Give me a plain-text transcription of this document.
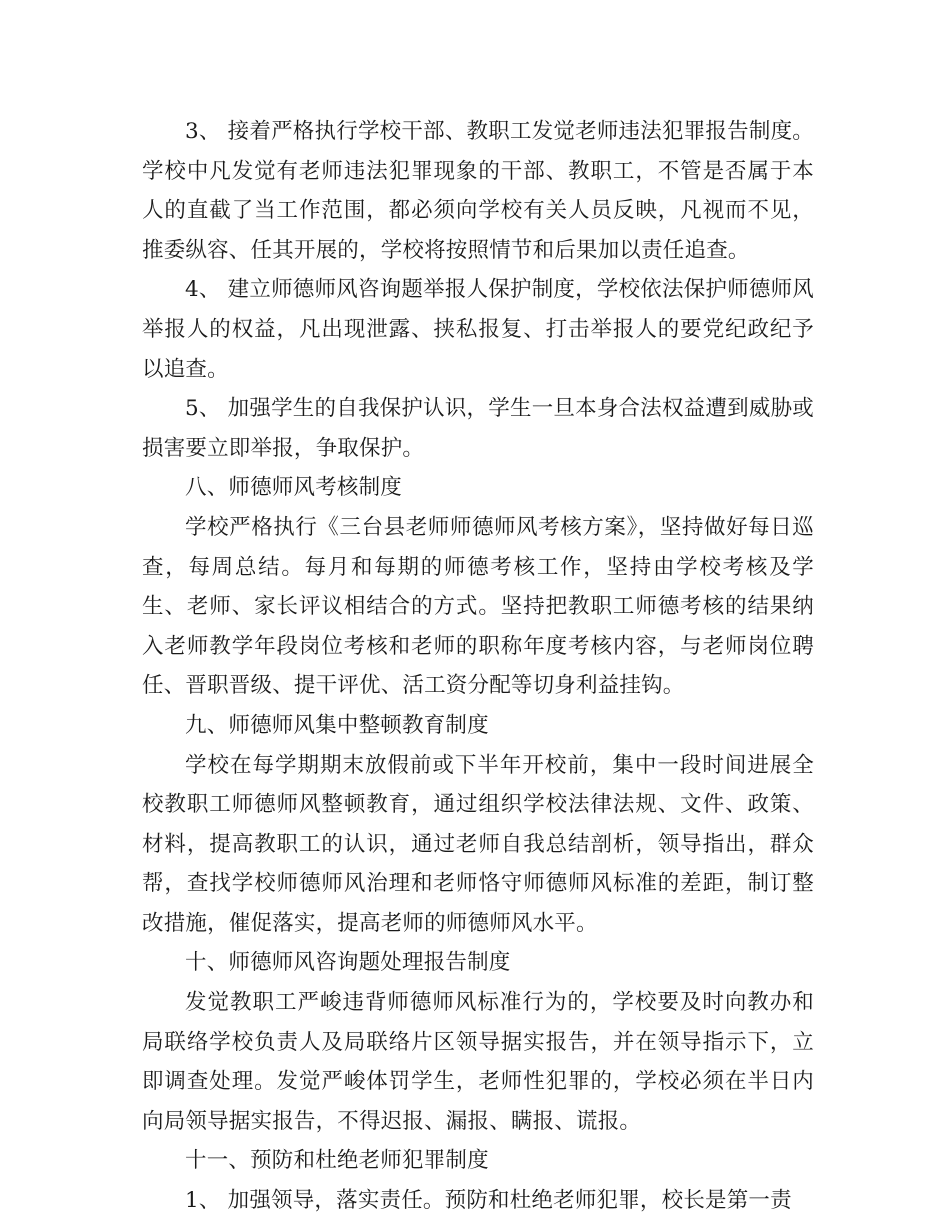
3、 接着严格执行学校干部、教职工发觉老师违法犯罪报告制度。学校中凡发觉有老师违法犯罪现象的干部、教职工，不管是否属于本人的直截了当工作范围，都必须向学校有关人员反映，凡视而不见，推委纵容、任其开展的，学校将按照情节和后果加以责任追查。

4、 建立师德师风咨询题举报人保护制度，学校依法保护师德师风举报人的权益，凡出现泄露、挟私报复、打击举报人的要党纪政纪予以追查。

5、 加强学生的自我保护认识，学生一旦本身合法权益遭到威胁或损害要立即举报，争取保护。

八、师德师风考核制度

学校严格执行《三台县老师师德师风考核方案》，坚持做好每日巡查，每周总结。每月和每期的师德考核工作，坚持由学校考核及学生、老师、家长评议相结合的方式。坚持把教职工师德考核的结果纳入老师教学年段岗位考核和老师的职称年度考核内容，与老师岗位聘任、晋职晋级、提干评优、活工资分配等切身利益挂钩。

九、师德师风集中整顿教育制度

学校在每学期期末放假前或下半年开校前，集中一段时间进展全校教职工师德师风整顿教育，通过组织学校法律法规、文件、政策、材料，提高教职工的认识，通过老师自我总结剖析，领导指出，群众帮，查找学校师德师风治理和老师恪守师德师风标准的差距，制订整改措施，催促落实，提高老师的师德师风水平。

十、师德师风咨询题处理报告制度

发觉教职工严峻违背师德师风标准行为的，学校要及时向教办和局联络学校负责人及局联络片区领导据实报告，并在领导指示下，立即调查处理。发觉严峻体罚学生，老师性犯罪的，学校必须在半日内向局领导据实报告，不得迟报、漏报、瞒报、谎报。

十一、预防和杜绝老师犯罪制度

1、 加强领导，落实责任。预防和杜绝老师犯罪，校长是第一责
